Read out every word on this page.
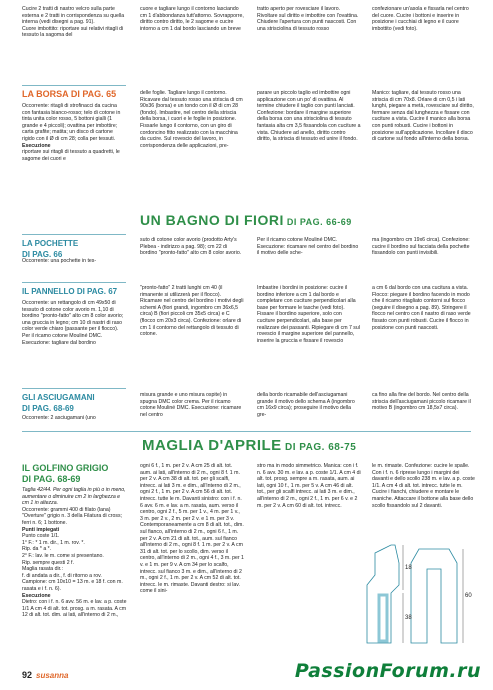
Cucire 2 tratti di nastro velcro sulla parte esterna e 2 tratti in corrispondenza su quella interna (vedi disegni a pag. 91).

Cuore imbottito: riportare sui relativi ritagli di tessuto la sagoma del

cuore e tagliare lungo il contorno lasciando cm 1 d'abbondanza tutt'attorno. Sovrapporre, diritto contro diritto, le 2 sagome e cucire intorno a cm 1 dal bordo lasciando un breve

tratto aperto per rovesciare il lavoro. Rivoltare sul diritto e imbottire con l'ovattina. Chiudere l'apertura con punti nascosti. Con una strisciolina di tessuto rosso

confezionare un'asola e fissarla nel centro del cuore. Cucire i bottoni e inserire in posizione i cucchiai di legno e il cuore imbottito (vedi foto).

LA BORSA DI PAG. 65

Occorrente: ritagli di strofinacci da cucina con fantasia bianco-rosso; telo di cotone in tinta unita color rosso, 5 bottoni gialli (1 grande e 4 piccoli); ovattina per imbottire; carta grafite; matita; un disco di cartone rigido con il Ø di cm 28; colla per tessuti.

Esecuzione

riportare sui ritagli di tessuto a quadretti, le sagome dei cuori e

delle foglie. Tagliare lungo il contorno. Ricavare dal tessuto rosso una striscia di cm 90x36 (borsa) e un tondo con il Ø di cm 28 (fondo). Imbastire, nel centro della striscia della borsa, i cuori e le foglie in posizione. Fissarle lungo il contorno, con un giro di cordoncino fitto realizzato con la macchina da cucire. Sul rovescio del lavoro, in corrispondenza delle applicazioni, pre-

parare un piccolo taglio ed imbottire ogni applicazione con un po' di ovattina. Al termine chiudere il taglio con punti lanciati. Confezione: bordare il margine superiore della borsa con una strisciolina di tessuto fantasia alta cm 3,5 fissandola con cuciture a vista. Chiudere ad anello, diritto contro diritto, la striscia di tessuto ed unire il fondo.

Manico: tagliare, dal tessuto rosso una striscia di cm 70x8. Orlare di cm 0,5 i lati lunghi, piegare a metà, rovesciare sul diritto, fermare senza dal lunghezza e fissare con cuciture a vista. Cucire il manico alla borsa con punti robusti. Cucire i bottoni in posizione sull'applicazione. Incollare il disco di cartone sul fondo all'interno della borsa.

UN BAGNO DI FIORI DI PAG. 66-69

LA POCHETTE

DI PAG. 66

Occorrente: una pochette in tes-

suto di cotone color avorio (prodotto Arty's Plebea - indirizzo a pag. 98); cm 22 di bordino "pronto-fatto" alto cm 8 color avorio.

Per il ricamo cotone Mouliné DMC. Esecuzione: ricamare nel centro del bordino il motivo delle sche-

ma (ingombro cm 19x6 circa). Confezione: cucire il bordino sul facciata della pochette fissandolo con punti invisibili.

IL PANNELLO DI PAG. 67

Occorrente: un rettangolo di cm 49x50 di tessuto di cotone color avorio m. 1,10 di bordino "pronto-fatto" alto cm 8 color avorio; una gruccia in legno; cm 10 di nastri di raso color verde chiaro (passante per il flocco).

Per il ricamo cotone Mouliné DMC.

Esecuzione: tagliare dal bordino

"pronto-fatto" 2 tratti lunghi cm 40 (il rimanente si utilizzerà per il flocco). Ricamare nel centro del bordino i motivi degli schemi A (fiori grandi, ingombro cm 36x6,5 circa) B (fiori piccoli cm 35x5 circa) e C (flocco cm 20x3 circa). Confezione: orlare di cm 1 il contorno del rettangolo di tessuto di cotone.

Imbastire i bordini in posizione: cucire il bordino inferiore a cm 1 dal bordo e completare con cuciture perpendicolari alla base per formare le tasche (vedi foto). Fissare il bordino superiore, solo con cuciture perpendicolari, alla base per realizzare dei passanti. Ripiegare di cm 7 sul rovescio il margine superiore del pannello, inserire la gruccia e fissare il rovescio

a cm 6 dal bordo con una cucitura a vista. Flocco: piegare il bordino facendo in modo che il ricamo ritagliato contorni sul flocco (seguire il disegno a pag. 89). Stringere il flocco nel centro con il nastro di raso verde fissato con punti robusti. Cucire il flocco in posizione con punti nascosti.

GLI ASCIUGAMANI

DI PAG. 68-69

Occorrente: 2 asciugamani (uno

misura grande e uno misura ospite) in spugna DMC color crema. Per il ricamo cotone Mouliné DMC. Esecuzione: ricamare nel centro

della bordo ricamabile dell'asciugamani grande il motivo dello schema A (ingombro cm 16x9 circa); proseguire il motivo della gre-

ca fino alla fine del bordo. Nel centro della striscia dell'asciugamani piccolo ricamare il motivo B (ingombro cm 18,5x7 circa).

MAGLIA D'APRILE DI PAG. 68-75

IL GOLFINO GRIGIO

DI PAG. 68-69

Taglia 42/44. Per ogni taglia in più o in meno, aumentare o diminuire cm 2 in larghezza e cm 1 in altezza.

Occorrente: grammi 400 di filato (lana) "Overture" grigio n. 3 della Filatura di cross; ferri n. 6; 1 bottone.

Punti impiegati

Punto coste 1/1.

1° F.: * 1 m. dir., 1 m. rov. *.

Rip. da * a *.

2° F.: lav. le m. come si presentano.

Rip. sempre questi 2 f.

Maglia rasata dir.:

f. di andata a dir., f. di ritorno a rov.

Campione: cm 10x10 = 13 m. e 18 f. con m. rasata e i f. n. 6).

Esecuzione

Dietro: con i f. n. 6 avv. 56 m. e lav. a p. coste 1/1 A cm 4 di alt. tot. prosg. a m. rasata. A cm 12 di alt. tot. dim. ai lati, all'interno di 2 m.,

ogni 6 f., 1 m. per 2 v. A cm 25 di alt. tot. aum. ai lati, all'interno di 2 m., ogni 8 f. 1 m. per 2 v. A cm 38 di alt. tot. per gli scalfi, intrecc. ai lati 3 m. e dim., all'interno di 2 m., ogni 2 f., 1 m. per 2 v. A cm 56 di alt. tot. intrecc. tutte le m. Davanti sinistro: con i f. n. 6 avv. 6 m. e lav. a m. rasata, aum. verso il centro, ogni 2 f., 5 m. per 1 v., 4 m. per 1 v., 3 m. per 2 v., 2 m. per 2 v. e 1 m. per 3 v. Contemporaneamente a cm 8 di alt. tot., dim. sul fianco, all'interno di 2 m., ogni 6 f., 1 m. per 2 v. A cm 21 di alt. tot., aum. sul fianco all'interno di 2 m., ogni 8 f. 1 m. per 2 v. A cm 31 di alt. tot. per lo scollo, dim. verso il centro, all'interno di 2 m., ogni 4 f., 3 m. per 1 v. e 1 m. per 9 v. A cm 34 per lo scalfo, intrecc. sul fianco 3 m. e dim., all'interno di 2 m., ogni 2 f., 1 m. per 2 v. A cm 52 di alt. tot. intrecc. le m. rimaste. Davanti destro: si lav. come il sini-

stro ma in modo simmetrico. Manica: con i f. n. 6 avv. 30 m. e lav. a p. coste 1/1. A cm 4 di alt. tot. prosg. sempre a m. rasata, aum. ai lati, ogni 10 f., 1 m. per 5 v. A cm 46 di alt. tot., per gli scalfi intrecc. ai lati 3 m. e dim., all'interno di 2 m., ogni 2 f., 1 m. per 6 v. e 2 m. per 2 v. A cm 60 di alt. tot. intrecc.

le m. rimaste. Confezione: cucire le spalle. Con i f. n. 6 riprese lungo i margini dei davanti e dello scollo 238 m. e lav. a p. coste 1/1. A cm 4 di alt. tot. intrecc. tutte le m. Cucire i fianchi, chiudere e montare le maniche. Attaccare il bottone alla base dello scollo fissandolo sul 2 davanti.

18
38
60
92 susanna	PassionForum.ru
